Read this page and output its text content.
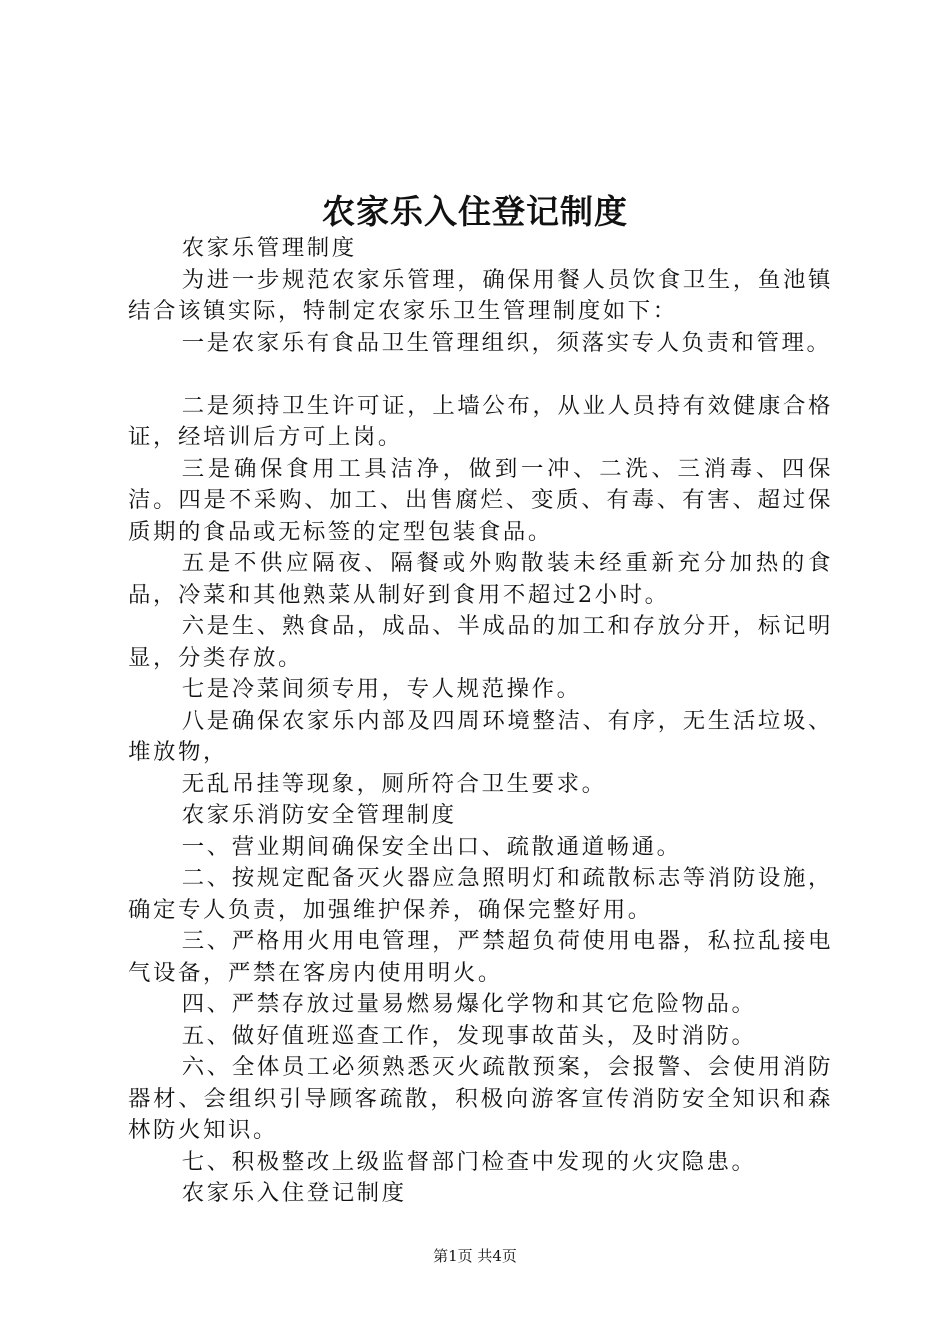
农家乐入住登记制度

农家乐管理制度

为进一步规范农家乐管理，确保用餐人员饮食卫生，鱼池镇结合该镇实际，特制定农家乐卫生管理制度如下：

一是农家乐有食品卫生管理组织，须落实专人负责和管理。

二是须持卫生许可证，上墙公布，从业人员持有效健康合格证，经培训后方可上岗。

三是确保食用工具洁净，做到一冲、二洗、三消毒、四保洁。四是不采购、加工、出售腐烂、变质、有毒、有害、超过保质期的食品或无标签的定型包装食品。

五是不供应隔夜、隔餐或外购散装未经重新充分加热的食品，冷菜和其他熟菜从制好到食用不超过2小时。

六是生、熟食品，成品、半成品的加工和存放分开，标记明显，分类存放。

七是冷菜间须专用，专人规范操作。

八是确保农家乐内部及四周环境整洁、有序，无生活垃圾、堆放物，

无乱吊挂等现象，厕所符合卫生要求。

农家乐消防安全管理制度

一、营业期间确保安全出口、疏散通道畅通。

二、按规定配备灭火器应急照明灯和疏散标志等消防设施，确定专人负责，加强维护保养，确保完整好用。

三、严格用火用电管理，严禁超负荷使用电器，私拉乱接电气设备，严禁在客房内使用明火。

四、严禁存放过量易燃易爆化学物和其它危险物品。

五、做好值班巡查工作，发现事故苗头，及时消防。

六、全体员工必须熟悉灭火疏散预案，会报警、会使用消防器材、会组织引导顾客疏散，积极向游客宣传消防安全知识和森林防火知识。

七、积极整改上级监督部门检查中发现的火灾隐患。

农家乐入住登记制度

第1页 共4页
